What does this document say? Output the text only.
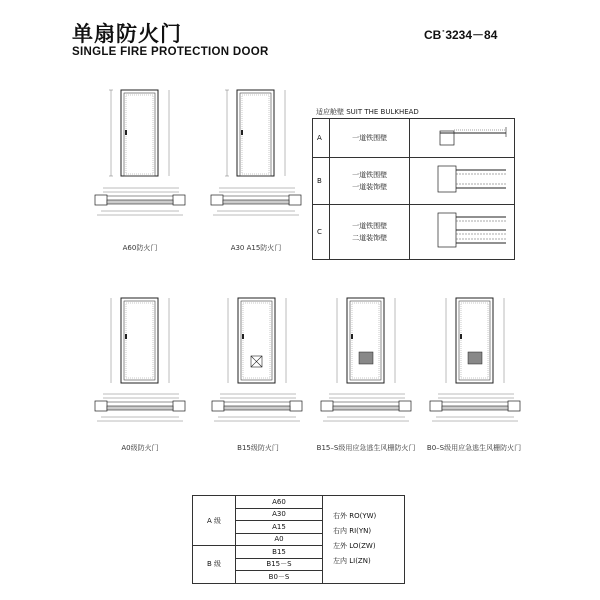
单扇防火门
SINGLE FIRE PROTECTION DOOR
CB˙3234－84
A60防火门	A30 A15防火门
A0级防火门	B15级防火门	B15–S级用应急逃生风栅防火门	B0–S级用应急逃生风栅防火门
适应舱壁 SUIT THE BULKHEAD
A	一道铁围壁

B	一道铁围壁
一道装饰壁

C	一道铁围壁
二道装饰壁

A 级	A60	右外 RO(YW)
右内 RI(YN)
左外 LO(ZW)
左内 LI(ZN)

	A30	
	A15	
	A0	
B 级	B15	
	B15－S	
	B0－S	
